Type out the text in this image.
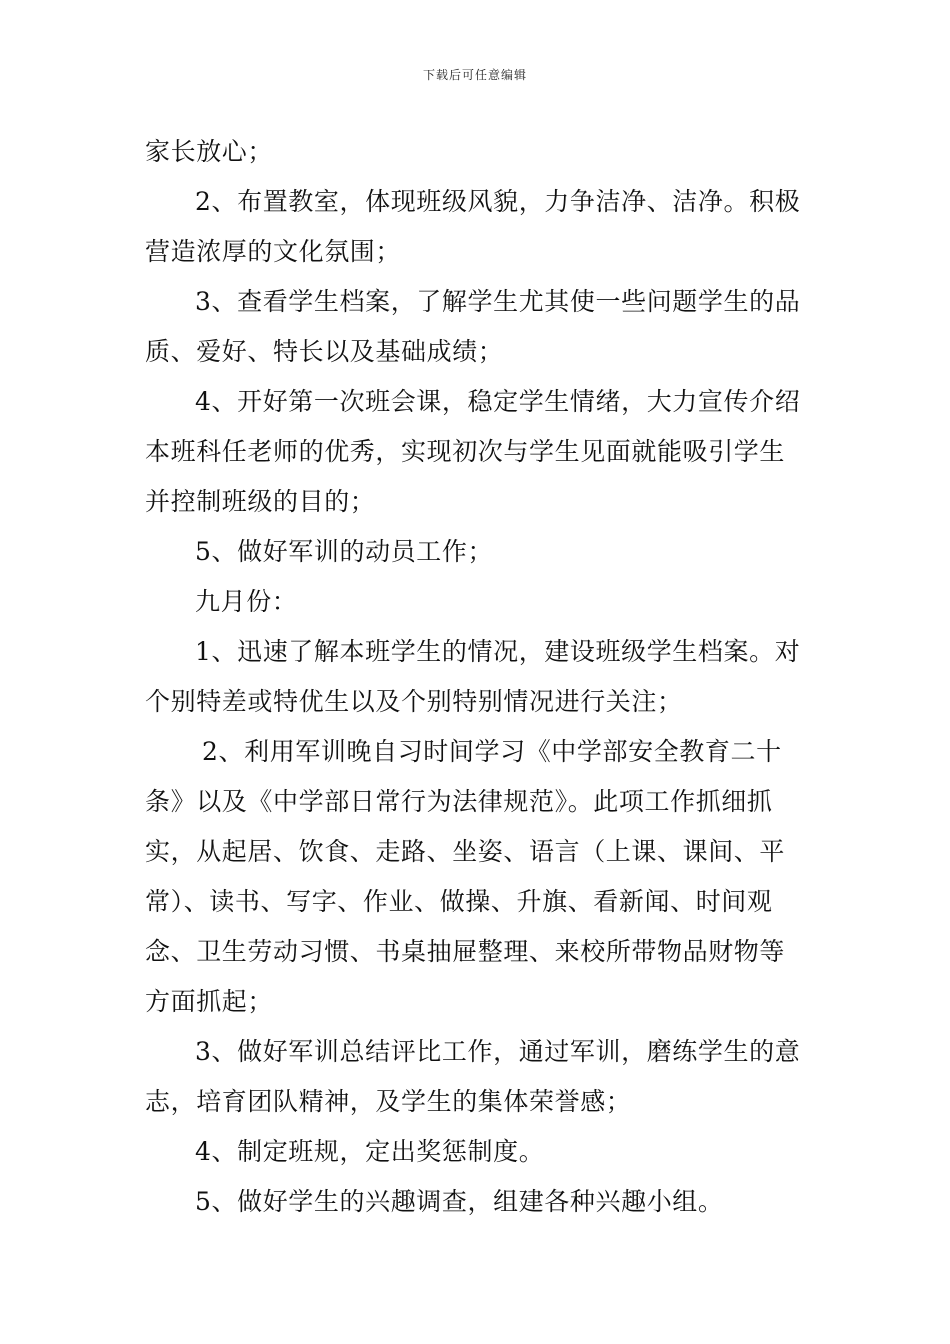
下载后可任意编辑
家长放心；
2、布置教室，体现班级风貌，力争洁净、洁净。积极
营造浓厚的文化氛围；
3、查看学生档案，了解学生尤其使一些问题学生的品
质、爱好、特长以及基础成绩；
4、开好第一次班会课，稳定学生情绪，大力宣传介绍
本班科任老师的优秀，实现初次与学生见面就能吸引学生
并控制班级的目的；
5、做好军训的动员工作；
九月份：
1、迅速了解本班学生的情况，建设班级学生档案。对
个别特差或特优生以及个别特别情况进行关注；
2、利用军训晚自习时间学习《中学部安全教育二十
条》以及《中学部日常行为法律规范》。此项工作抓细抓
实，从起居、饮食、走路、坐姿、语言（上课、课间、平
常）、读书、写字、作业、做操、升旗、看新闻、时间观
念、卫生劳动习惯、书桌抽屉整理、来校所带物品财物等
方面抓起；
3、做好军训总结评比工作，通过军训，磨练学生的意
志，培育团队精神，及学生的集体荣誉感；
4、制定班规，定出奖惩制度。
5、做好学生的兴趣调查，组建各种兴趣小组。
